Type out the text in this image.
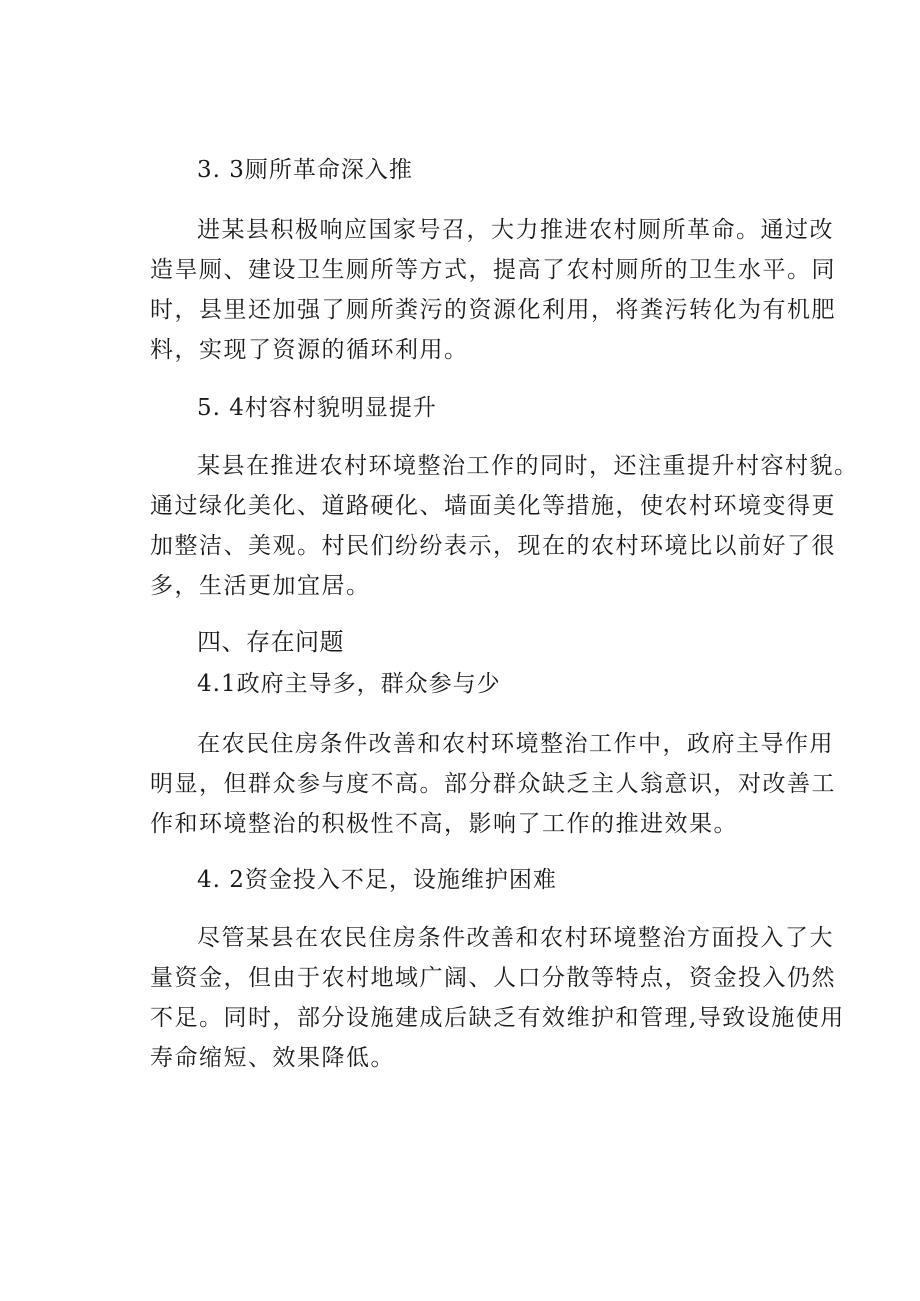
3. 3厕所革命深入推
进某县积极响应国家号召，大力推进农村厕所革命。通过改
造旱厕、建设卫生厕所等方式，提高了农村厕所的卫生水平。同
时，县里还加强了厕所粪污的资源化利用，将粪污转化为有机肥
料，实现了资源的循环利用。
5. 4村容村貌明显提升
某县在推进农村环境整治工作的同时，还注重提升村容村貌。
通过绿化美化、道路硬化、墙面美化等措施，使农村环境变得更
加整洁、美观。村民们纷纷表示，现在的农村环境比以前好了很
多，生活更加宜居。
四、存在问题
4.1政府主导多，群众参与少
在农民住房条件改善和农村环境整治工作中，政府主导作用
明显，但群众参与度不高。部分群众缺乏主人翁意识，对改善工
作和环境整治的积极性不高，影响了工作的推进效果。
4. 2资金投入不足，设施维护困难
尽管某县在农民住房条件改善和农村环境整治方面投入了大
量资金，但由于农村地域广阔、人口分散等特点，资金投入仍然
不足。同时，部分设施建成后缺乏有效维护和管理,导致设施使用
寿命缩短、效果降低。
